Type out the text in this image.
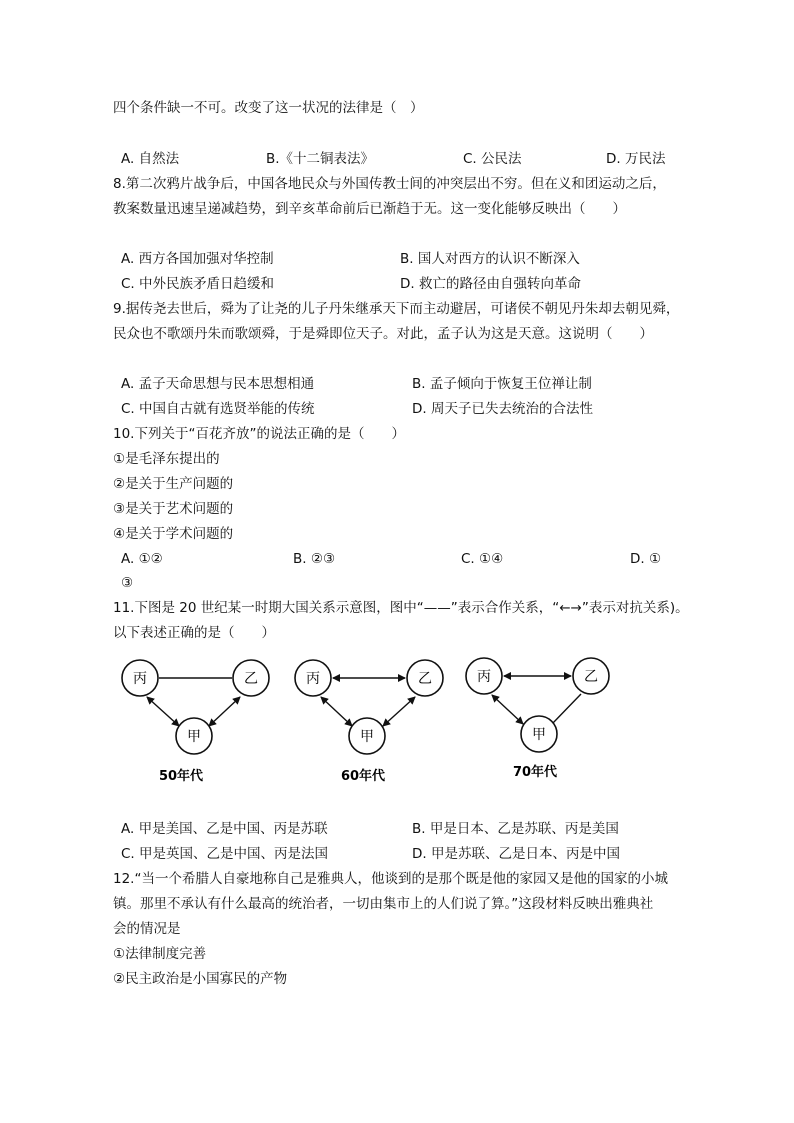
四个条件缺一不可。改变了这一状况的法律是（　）
A. 自然法	B.《十二铜表法》	C. 公民法	D. 万民法
8.第二次鸦片战争后，中国各地民众与外国传教士间的冲突层出不穷。但在义和团运动之后，
教案数量迅速呈递减趋势，到辛亥革命前后已渐趋于无。这一变化能够反映出（　　）
A. 西方各国加强对华控制	B. 国人对西方的认识不断深入
C. 中外民族矛盾日趋缓和	D. 救亡的路径由自强转向革命
9.据传尧去世后，舜为了让尧的儿子丹朱继承天下而主动避居，可诸侯不朝见丹朱却去朝见舜，
民众也不歌颂丹朱而歌颂舜，于是舜即位天子。对此，孟子认为这是天意。这说明（　　）
A. 孟子天命思想与民本思想相通	B. 孟子倾向于恢复王位禅让制
C. 中国自古就有选贤举能的传统	D. 周天子已失去统治的合法性
10.下列关于“百花齐放”的说法正确的是（　　）
①是毛泽东提出的
②是关于生产问题的
③是关于艺术问题的
④是关于学术问题的
A. ①②	B. ②③	C. ①④	D. ①
③
11.下图是 20 世纪某一时期大国关系示意图，图中“——”表示合作关系，“←→”表示对抗关系)。
以下表述正确的是（　　）
丙	乙
甲
50年代
丙	乙
甲
60年代
丙	乙
甲
70年代
A. 甲是美国、乙是中国、丙是苏联	B. 甲是日本、乙是苏联、丙是美国
C. 甲是英国、乙是中国、丙是法国	D. 甲是苏联、乙是日本、丙是中国
12.“当一个希腊人自豪地称自己是雅典人，他谈到的是那个既是他的家园又是他的国家的小城
镇。那里不承认有什么最高的统治者，一切由集市上的人们说了算。”这段材料反映出雅典社
会的情况是
①法律制度完善
②民主政治是小国寡民的产物
